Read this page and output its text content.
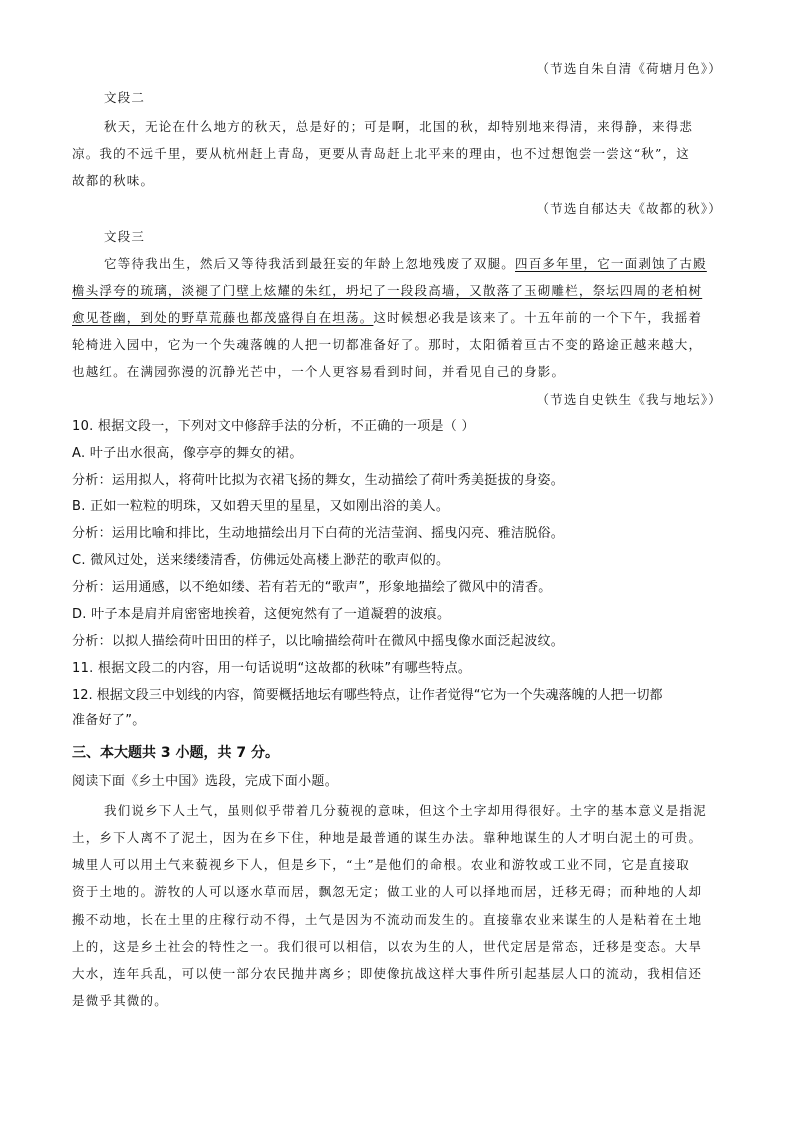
（节选自朱自清《荷塘月色》）
文段二
秋天，无论在什么地方的秋天，总是好的；可是啊，北国的秋，却特别地来得清，来得静，来得悲
凉。我的不远千里，要从杭州赶上青岛，更要从青岛赶上北平来的理由，也不过想饱尝一尝这“秋”，这
故都的秋味。
（节选自郁达夫《故都的秋》）
文段三
它等待我出生，然后又等待我活到最狂妄的年龄上忽地残废了双腿。四百多年里，它一面剥蚀了古殿
檐头浮夸的琉璃，淡褪了门壁上炫耀的朱红，坍圮了一段段高墙，又散落了玉砌雕栏，祭坛四周的老柏树
愈见苍幽，到处的野草荒藤也都茂盛得自在坦荡。这时候想必我是该来了。十五年前的一个下午，我摇着
轮椅进入园中，它为一个失魂落魄的人把一切都准备好了。那时，太阳循着亘古不变的路途正越来越大，
也越红。在满园弥漫的沉静光芒中，一个人更容易看到时间，并看见自己的身影。
（节选自史铁生《我与地坛》）
10. 根据文段一，下列对文中修辞手法的分析，不正确的一项是（ ）
A. 叶子出水很高，像亭亭的舞女的裙。
分析：运用拟人，将荷叶比拟为衣裙飞扬的舞女，生动描绘了荷叶秀美挺拔的身姿。
B. 正如一粒粒的明珠，又如碧天里的星星，又如刚出浴的美人。
分析：运用比喻和排比，生动地描绘出月下白荷的光洁莹润、摇曳闪亮、雅洁脱俗。
C. 微风过处，送来缕缕清香，仿佛远处高楼上渺茫的歌声似的。
分析：运用通感，以不绝如缕、若有若无的“歌声”，形象地描绘了微风中的清香。
D. 叶子本是肩并肩密密地挨着，这便宛然有了一道凝碧的波痕。
分析：以拟人描绘荷叶田田的样子，以比喻描绘荷叶在微风中摇曳像水面泛起波纹。
11. 根据文段二的内容，用一句话说明“这故都的秋味”有哪些特点。
12. 根据文段三中划线的内容，简要概括地坛有哪些特点，让作者觉得“它为一个失魂落魄的人把一切都
准备好了”。
三、本大题共 3 小题，共 7 分。
阅读下面《乡土中国》选段，完成下面小题。
我们说乡下人土气，虽则似乎带着几分藐视的意味，但这个土字却用得很好。土字的基本意义是指泥
土，乡下人离不了泥土，因为在乡下住，种地是最普通的谋生办法。靠种地谋生的人才明白泥土的可贵。
城里人可以用土气来藐视乡下人，但是乡下，“土”是他们的命根。农业和游牧或工业不同，它是直接取
资于土地的。游牧的人可以逐水草而居，飘忽无定；做工业的人可以择地而居，迁移无碍；而种地的人却
搬不动地，长在土里的庄稼行动不得，土气是因为不流动而发生的。直接靠农业来谋生的人是粘着在土地
上的，这是乡土社会的特性之一。我们很可以相信，以农为生的人，世代定居是常态，迁移是变态。大旱
大水，连年兵乱，可以使一部分农民抛井离乡；即使像抗战这样大事件所引起基层人口的流动，我相信还
是微乎其微的。
